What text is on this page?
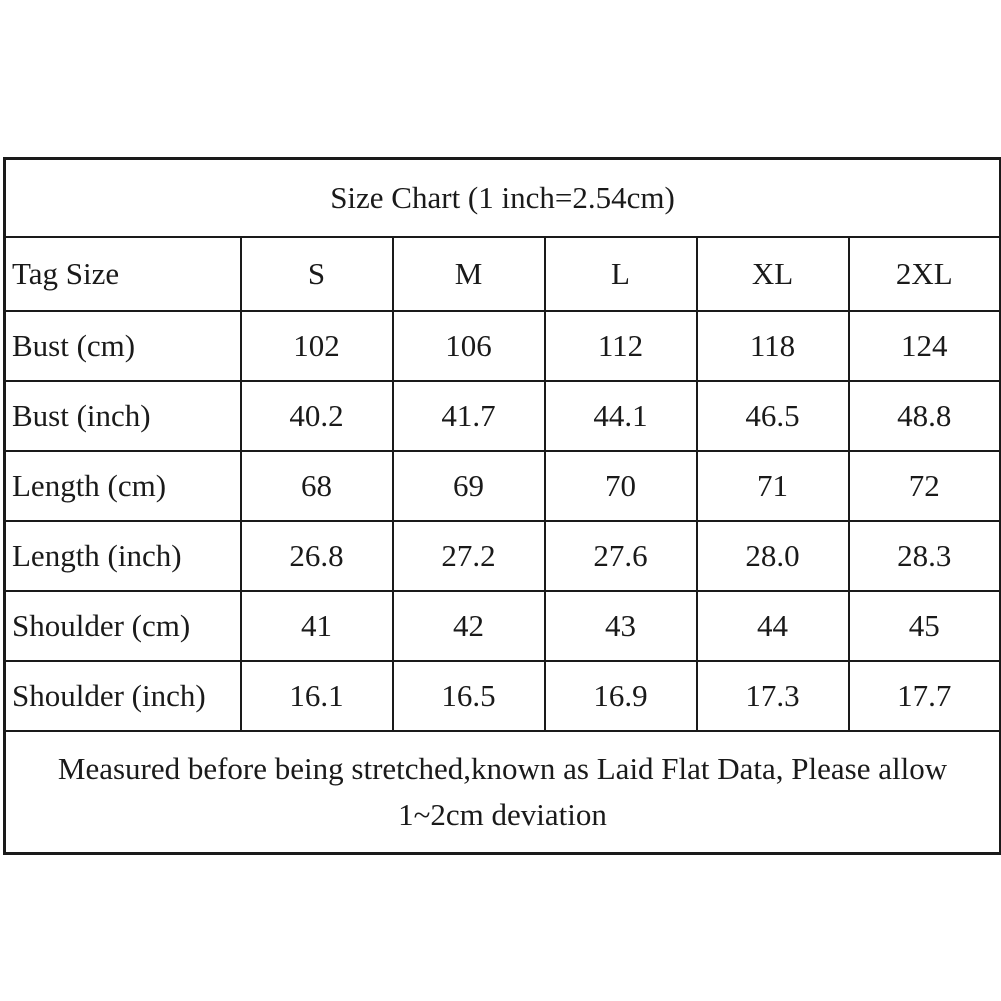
Size Chart (1 inch=2.54cm)					
Tag Size	S	M	L	XL	2XL
Bust (cm)	102	106	112	118	124
Bust (inch)	40.2	41.7	44.1	46.5	48.8
Length (cm)	68	69	70	71	72
Length (inch)	26.8	27.2	27.6	28.0	28.3
Shoulder (cm)	41	42	43	44	45
Shoulder (inch)	16.1	16.5	16.9	17.3	17.7
Measured before being stretched,known as Laid Flat Data, Please allow 1~2cm deviation					
